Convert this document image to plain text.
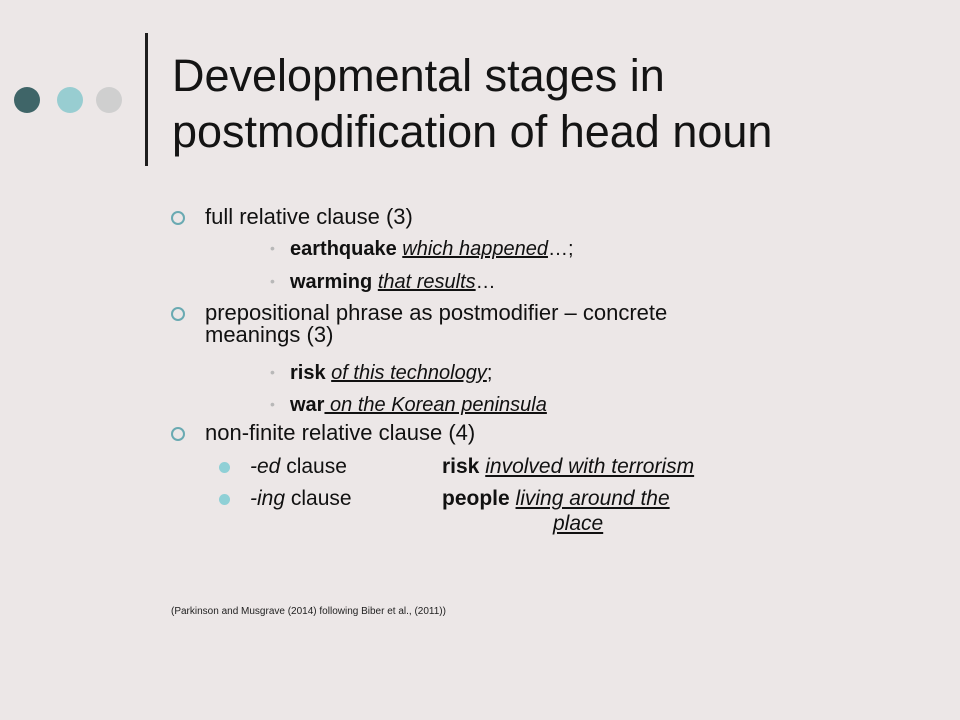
Developmental stages in
postmodification of head noun
full relative clause (3)
• earthquake which happened…;
• warming that results…
prepositional phrase as postmodifier – concrete
meanings (3)
• risk of this technology;
• war on the Korean peninsula
non-finite relative clause (4)
-ed clause	risk involved with terrorism
-ing clause	people living around the
place
(Parkinson and Musgrave (2014) following Biber et al., (2011))
